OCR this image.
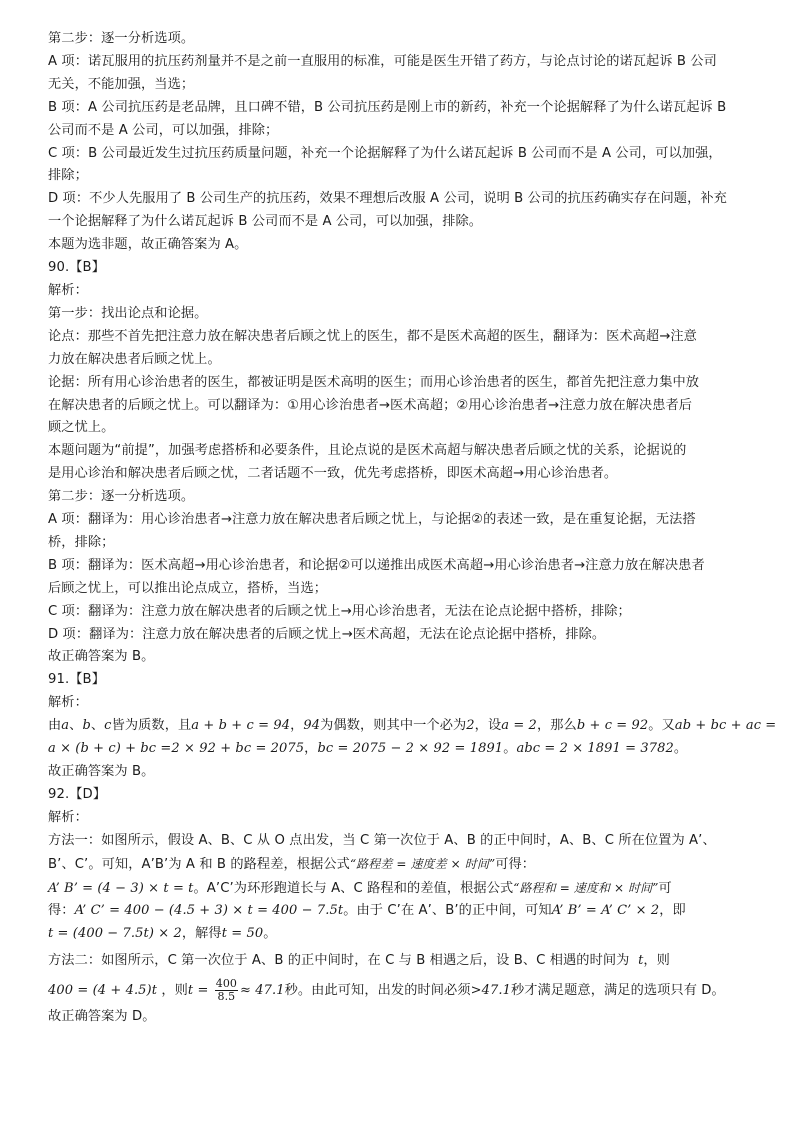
第二步：逐一分析选项。
A 项：诺瓦服用的抗压药剂量并不是之前一直服用的标准，可能是医生开错了药方，与论点讨论的诺瓦起诉 B 公司
无关，不能加强，当选；
B 项：A 公司抗压药是老品牌，且口碑不错，B 公司抗压药是刚上市的新药，补充一个论据解释了为什么诺瓦起诉 B
公司而不是 A 公司，可以加强，排除；
C 项：B 公司最近发生过抗压药质量问题，补充一个论据解释了为什么诺瓦起诉 B 公司而不是 A 公司，可以加强，
排除；
D 项：不少人先服用了 B 公司生产的抗压药，效果不理想后改服 A 公司，说明 B 公司的抗压药确实存在问题，补充
一个论据解释了为什么诺瓦起诉 B 公司而不是 A 公司，可以加强，排除。
本题为选非题，故正确答案为 A。
90.【B】
解析：
第一步：找出论点和论据。
论点：那些不首先把注意力放在解决患者后顾之忧上的医生，都不是医术高超的医生，翻译为：医术高超→注意
力放在解决患者后顾之忧上。
论据：所有用心诊治患者的医生，都被证明是医术高明的医生；而用心诊治患者的医生，都首先把注意力集中放
在解决患者的后顾之忧上。可以翻译为：①用心诊治患者→医术高超；②用心诊治患者→注意力放在解决患者后
顾之忧上。
本题问题为“前提”，加强考虑搭桥和必要条件，且论点说的是医术高超与解决患者后顾之忧的关系，论据说的
是用心诊治和解决患者后顾之忧，二者话题不一致，优先考虑搭桥，即医术高超→用心诊治患者。
第二步：逐一分析选项。
A 项：翻译为：用心诊治患者→注意力放在解决患者后顾之忧上，与论据②的表述一致，是在重复论据，无法搭
桥，排除；
B 项：翻译为：医术高超→用心诊治患者，和论据②可以递推出成医术高超→用心诊治患者→注意力放在解决患者
后顾之忧上，可以推出论点成立，搭桥，当选；
C 项：翻译为：注意力放在解决患者的后顾之忧上→用心诊治患者，无法在论点论据中搭桥，排除；
D 项：翻译为：注意力放在解决患者的后顾之忧上→医术高超，无法在论点论据中搭桥，排除。
故正确答案为 B。
91.【B】
解析：
由a、b、c皆为质数，且a + b + c = 94，94为偶数，则其中一个必为2，设a = 2，那么b + c = 92。又ab + bc + ac =
a × (b + c) + bc =2 × 92 + bc = 2075，bc = 2075 − 2 × 92 = 1891。abc = 2 × 1891 = 3782。
故正确答案为 B。
92.【D】
解析：
方法一：如图所示，假设 A、B、C 从 O 点出发，当 C 第一次位于 A、B 的正中间时，A、B、C 所在位置为 A’、
B’、C’。可知，A’B’为 A 和 B 的路程差，根据公式“路程差 = 速度差 × 时间”可得：
A’ B’ = (4 − 3) × t = t。A’C’为环形跑道长与 A、C 路程和的差值，根据公式“路程和 = 速度和 × 时间”可
得：A’ C’ = 400 − (4.5 + 3) × t = 400 − 7.5t。由于 C’在 A’、B’的正中间，可知A’ B’ = A’ C’ × 2，即
t = (400 − 7.5t) × 2，解得t = 50。
方法二：如图所示，C 第一次位于 A、B 的正中间时，在 C 与 B 相遇之后，设 B、C 相遇的时间为 t，则
400 = (4 + 4.5)t ，则$t = \frac{400}{8.5} \approx 47.1$秒。由此可知，出发的时间必须>47.1秒才满足题意，满足的选项只有 D。
故正确答案为 D。
